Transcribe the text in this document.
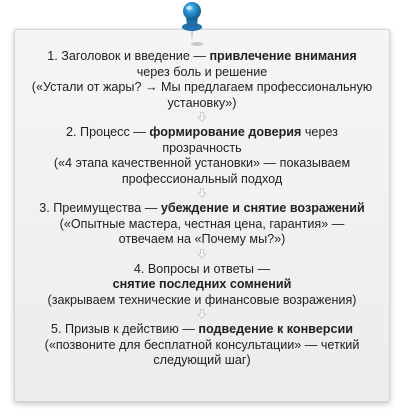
1. Заголовок и введение — привлечение внимания
через боль и решение
(«Устали от жары? → Мы предлагаем профессиональную
установку»)
2. Процесс — формирование доверия через
прозрачность
(«4 этапа качественной установки» — показываем
профессиональный подход
3. Преимущества — убеждение и снятие возражений
(«Опытные мастера, честная цена, гарантия» —
отвечаем на «Почему мы?»)
4. Вопросы и ответы —
снятие последних сомнений
(закрываем технические и финансовые возражения)
5. Призыв к действию — подведение к конверсии
(«позвоните для бесплатной консультации» — четкий
следующий шаг)
